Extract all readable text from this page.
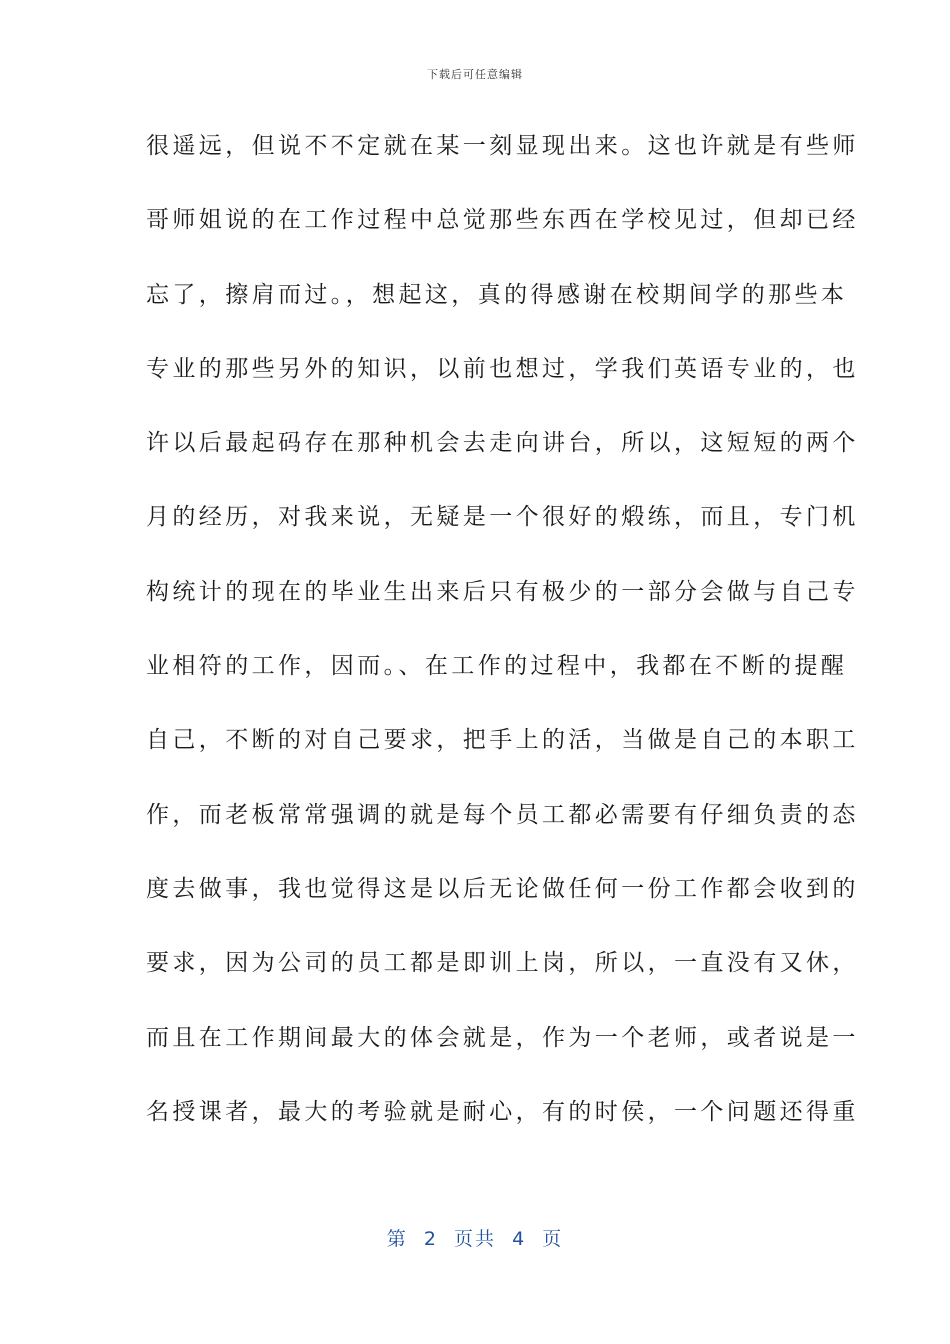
下载后可任意编辑
很遥远，但说不不定就在某一刻显现出来。这也许就是有些师
哥师姐说的在工作过程中总觉那些东西在学校见过，但却已经
忘了，擦肩而过。，想起这，真的得感谢在校期间学的那些本
专业的那些另外的知识，以前也想过，学我们英语专业的，也
许以后最起码存在那种机会去走向讲台，所以，这短短的两个
月的经历，对我来说，无疑是一个很好的煅练，而且，专门机
构统计的现在的毕业生出来后只有极少的一部分会做与自己专
业相符的工作，因而。、在工作的过程中，我都在不断的提醒
自己，不断的对自己要求，把手上的活，当做是自己的本职工
作，而老板常常强调的就是每个员工都必需要有仔细负责的态
度去做事，我也觉得这是以后无论做任何一份工作都会收到的
要求，因为公司的员工都是即训上岗，所以，一直没有又休，
而且在工作期间最大的体会就是，作为一个老师，或者说是一
名授课者，最大的考验就是耐心，有的时侯，一个问题还得重
第  2  页共  4  页
